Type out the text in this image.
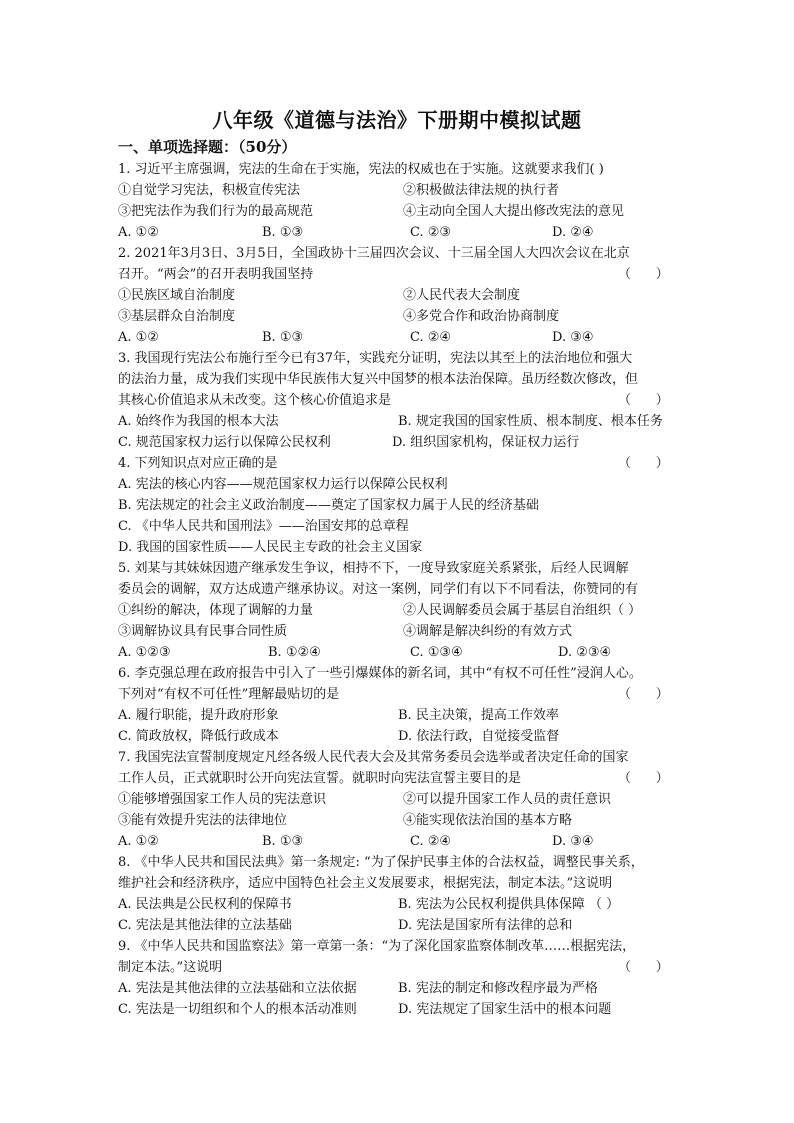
八年级《道德与法治》下册期中模拟试题
一、单项选择题：（50分）
1. 习近平主席强调，宪法的生命在于实施，宪法的权威也在于实施。这就要求我们( )
①自觉学习宪法，积极宣传宪法	②积极做法律法规的执行者
③把宪法作为我们行为的最高规范	④主动向全国人大提出修改宪法的意见
A. ①②	B. ①③	C. ②③	D. ②④
2. 2021年3月3日、3月5日，全国政协十三届四次会议、十三届全国人大四次会议在北京
召开。“两会”的召开表明我国坚持	（      ）
①民族区域自治制度	②人民代表大会制度
③基层群众自治制度	④多党合作和政治协商制度
A. ①②	B. ①③	C. ②④	D. ③④
3. 我国现行宪法公布施行至今已有37年，实践充分证明，宪法以其至上的法治地位和强大
的法治力量，成为我们实现中华民族伟大复兴中国梦的根本法治保障。虽历经数次修改，但
其核心价值追求从未改变。这个核心价值追求是	（      ）
A. 始终作为我国的根本大法	B. 规定我国的国家性质、根本制度、根本任务
C. 规范国家权力运行以保障公民权利	D. 组织国家机构，保证权力运行
4. 下列知识点对应正确的是	（      ）
A. 宪法的核心内容——规范国家权力运行以保障公民权利
B. 宪法规定的社会主义政治制度——奠定了国家权力属于人民的经济基础
C. 《中华人民共和国刑法》——治国安邦的总章程
D. 我国的国家性质——人民民主专政的社会主义国家
5. 刘某与其妹妹因遗产继承发生争议，相持不下，一度导致家庭关系紧张，后经人民调解
委员会的调解，双方达成遗产继承协议。对这一案例，同学们有以下不同看法，你赞同的有
①纠纷的解决，体现了调解的力量	②人民调解委员会属于基层自治组织（ ）
③调解协议具有民事合同性质	④调解是解决纠纷的有效方式
A. ①②③	B. ①②④	C. ①③④	D. ②③④
6. 李克强总理在政府报告中引入了一些引爆媒体的新名词，其中“有权不可任性”浸润人心。
下列对“有权不可任性”理解最贴切的是	（      ）
A. 履行职能，提升政府形象	B. 民主决策，提高工作效率
C. 简政放权，降低行政成本	D. 依法行政，自觉接受监督
7. 我国宪法宣誓制度规定凡经各级人民代表大会及其常务委员会选举或者决定任命的国家
工作人员，正式就职时公开向宪法宣誓。就职时向宪法宣誓主要目的是	（      ）
①能够增强国家工作人员的宪法意识	②可以提升国家工作人员的责任意识
③能有效提升宪法的法律地位	④能实现依法治国的基本方略
A. ①②	B. ①③	C. ②④	D. ③④
8. 《中华人民共和国民法典》第一条规定: “为了保护民事主体的合法权益，调整民事关系，
维护社会和经济秩序，适应中国特色社会主义发展要求，根据宪法，制定本法。”这说明
A. 民法典是公民权利的保障书	B. 宪法为公民权利提供具体保障 （ ）
C. 宪法是其他法律的立法基础	D. 宪法是国家所有法律的总和
9. 《中华人民共和国监察法》第一章第一条：“为了深化国家监察体制改革……根据宪法，
制定本法。”这说明	（      ）
A. 宪法是其他法律的立法基础和立法依据	B. 宪法的制定和修改程序最为严格
C. 宪法是一切组织和个人的根本活动准则	D. 宪法规定了国家生活中的根本问题
